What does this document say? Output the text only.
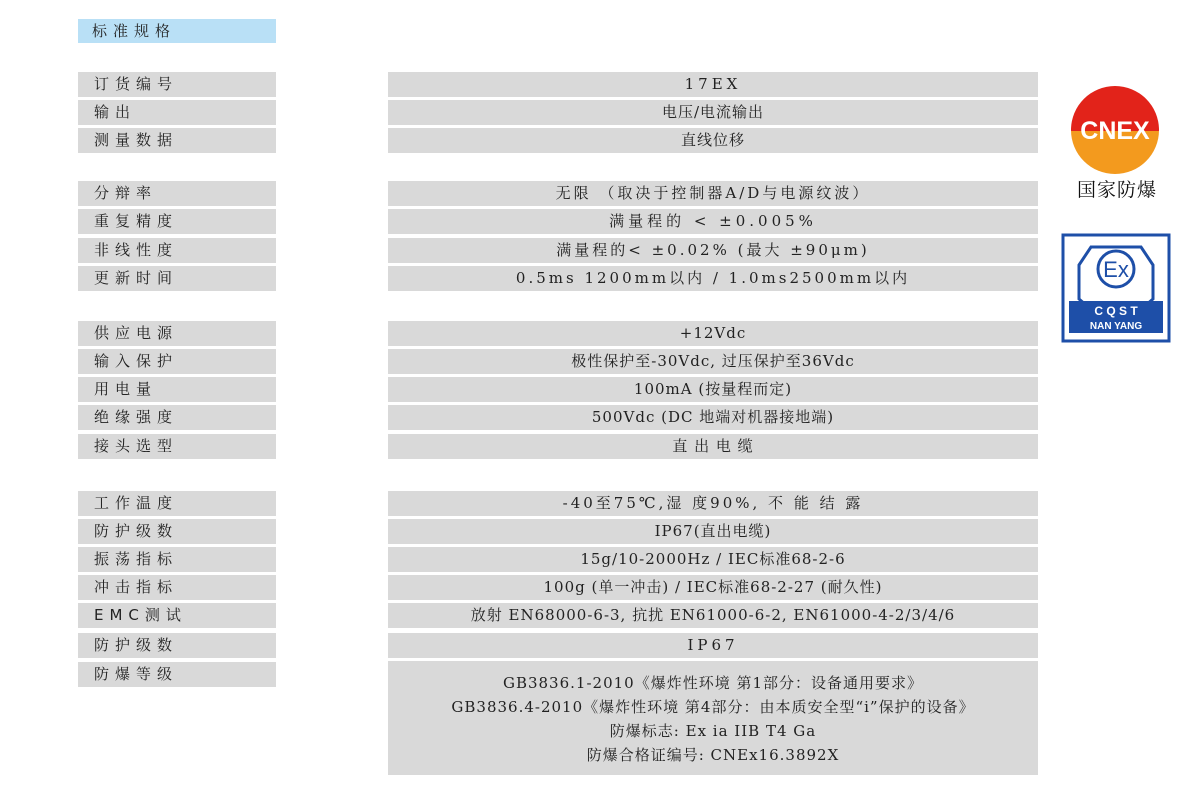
标准规格
订货编号	17EX
输出	电压/电流输出
测量数据	直线位移
分辩率	无限 （取决于控制器A/D与电源纹波）
重复精度	满量程的 < ±0.005%
非线性度	满量程的< ±0.02% (最大 ±90μm)
更新时间	0.5ms 1200mm以内 / 1.0ms2500mm以内
供应电源	+12Vdc
输入保护	极性保护至-30Vdc, 过压保护至36Vdc
用电量	100mA (按量程而定)
绝缘强度	500Vdc (DC 地端对机器接地端)
接头选型	直 出 电 缆
工作温度	-40至75℃,湿 度90%, 不 能 结 露
防护级数	IP67(直出电缆)
振荡指标	15g/10-2000Hz / IEC标准68-2-6
冲击指标	100g (单一冲击) / IEC标准68-2-27 (耐久性)
EMC测试	放射 EN68000-6-3, 抗扰 EN61000-6-2, EN61000-4-2/3/4/6
防护级数	IP67
防爆等级	GB3836.1-2010《爆炸性环境 第1部分：设备通用要求》
GB3836.4-2010《爆炸性环境 第4部分：由本质安全型“i”保护的设备》
防爆标志: Ex ia IIB T4 Ga
防爆合格证编号: CNEx16.3892X
CNEX
国家防爆
Ex
C Q S T
NAN YANG
